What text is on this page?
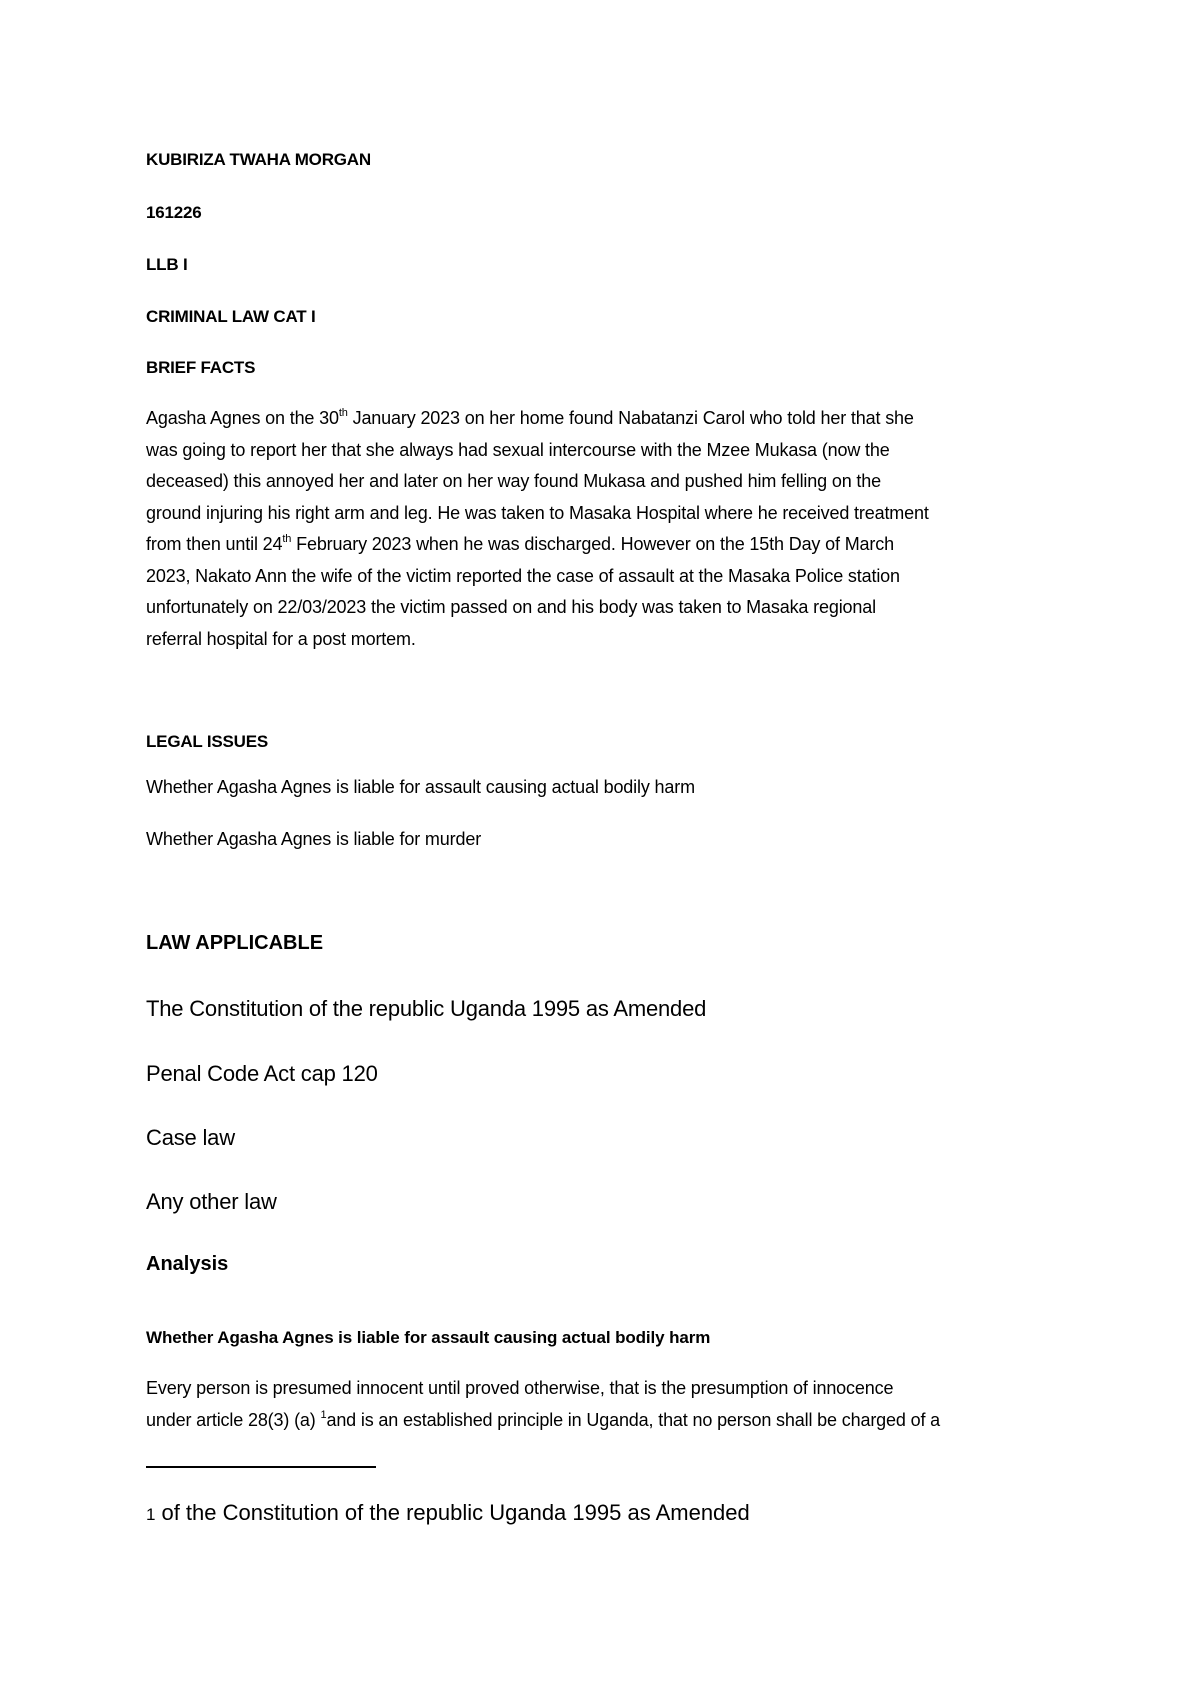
KUBIRIZA TWAHA MORGAN

161226

LLB I

CRIMINAL LAW CAT I

BRIEF FACTS

Agasha Agnes on the 30th January 2023 on her home found Nabatanzi Carol who told her that she
was going to report her that she always had sexual intercourse with the Mzee Mukasa (now the
deceased) this annoyed her and later on her way found Mukasa and pushed him felling on the
ground injuring his right arm and leg. He was taken to Masaka Hospital where he received treatment
from then until 24th February 2023 when he was discharged. However on the 15th Day of March
2023, Nakato Ann the wife of the victim reported the case of assault at the Masaka Police station
unfortunately on 22/03/2023 the victim passed on and his body was taken to Masaka regional
referral hospital for a post mortem.

LEGAL ISSUES

Whether Agasha Agnes is liable for assault causing actual bodily harm

Whether Agasha Agnes is liable for murder

LAW APPLICABLE

The Constitution of the republic Uganda 1995 as Amended

Penal Code Act cap 120

Case law

Any other law

Analysis

Whether Agasha Agnes is liable for assault causing actual bodily harm

Every person is presumed innocent until proved otherwise, that is the presumption of innocence

under article 28(3) (a) $^1$and is an established principle in Uganda, that no person shall be charged of a

1 of the Constitution of the republic Uganda 1995 as Amended
